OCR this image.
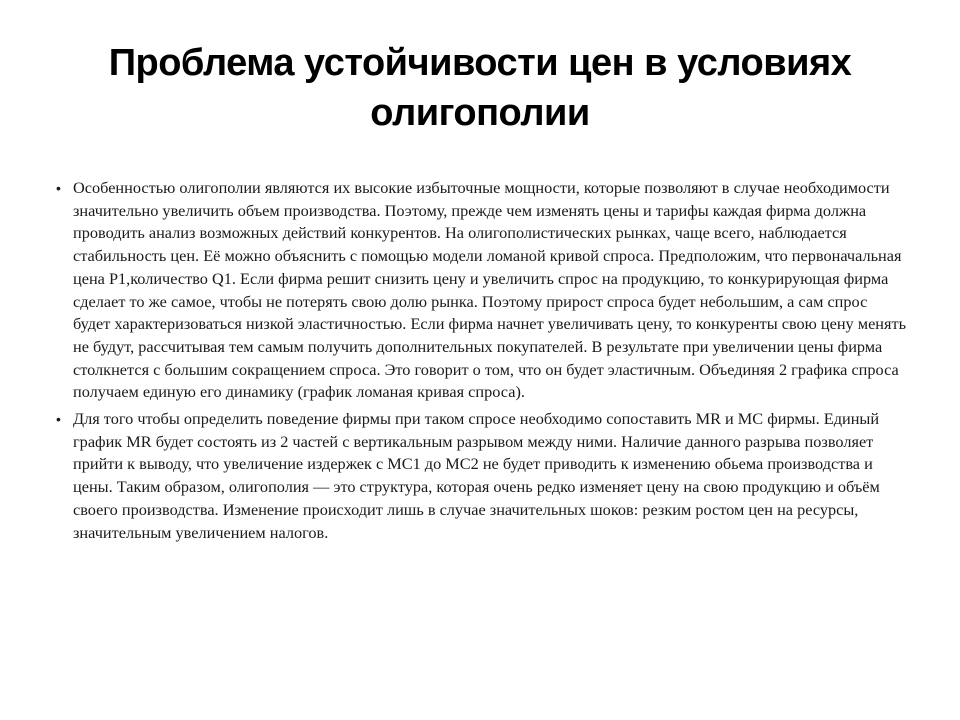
Проблема устойчивости цен в условиях олигополии
• Особенностью олигополии являются их высокие избыточные мощности, которые позволяют в случае необходимости значительно увеличить объем производства. Поэтому, прежде чем изменять цены и тарифы каждая фирма должна проводить анализ возможных действий конкурентов. На олигополистических рынках, чаще всего, наблюдается стабильность цен. Её можно объяснить с помощью модели ломаной кривой спроса. Предположим, что первоначальная цена P1,количество Q1. Если фирма решит снизить цену и увеличить спрос на продукцию, то конкурирующая фирма сделает то же самое, чтобы не потерять свою долю рынка. Поэтому прирост спроса будет небольшим, а сам спрос будет характеризоваться низкой эластичностью. Если фирма начнет увеличивать цену, то конкуренты свою цену менять не будут, рассчитывая тем самым получить дополнительных покупателей. В результате при увеличении цены фирма столкнется с большим сокращением спроса. Это говорит о том, что он будет эластичным. Объединяя 2 графика спроса получаем единую его динамику (график ломаная кривая спроса).
• Для того чтобы определить поведение фирмы при таком спросе необходимо сопоставить MR и MC фирмы. Единый график MR будет состоять из 2 частей с вертикальным разрывом между ними. Наличие данного разрыва позволяет прийти к выводу, что увеличение издержек с MC1 до MC2 не будет приводить к изменению обьема производства и цены. Таким образом, олигополия — это структура, которая очень редко изменяет цену на свою продукцию и объём своего производства. Изменение происходит лишь в случае значительных шоков: резким ростом цен на ресурсы, значительным увеличением налогов.
